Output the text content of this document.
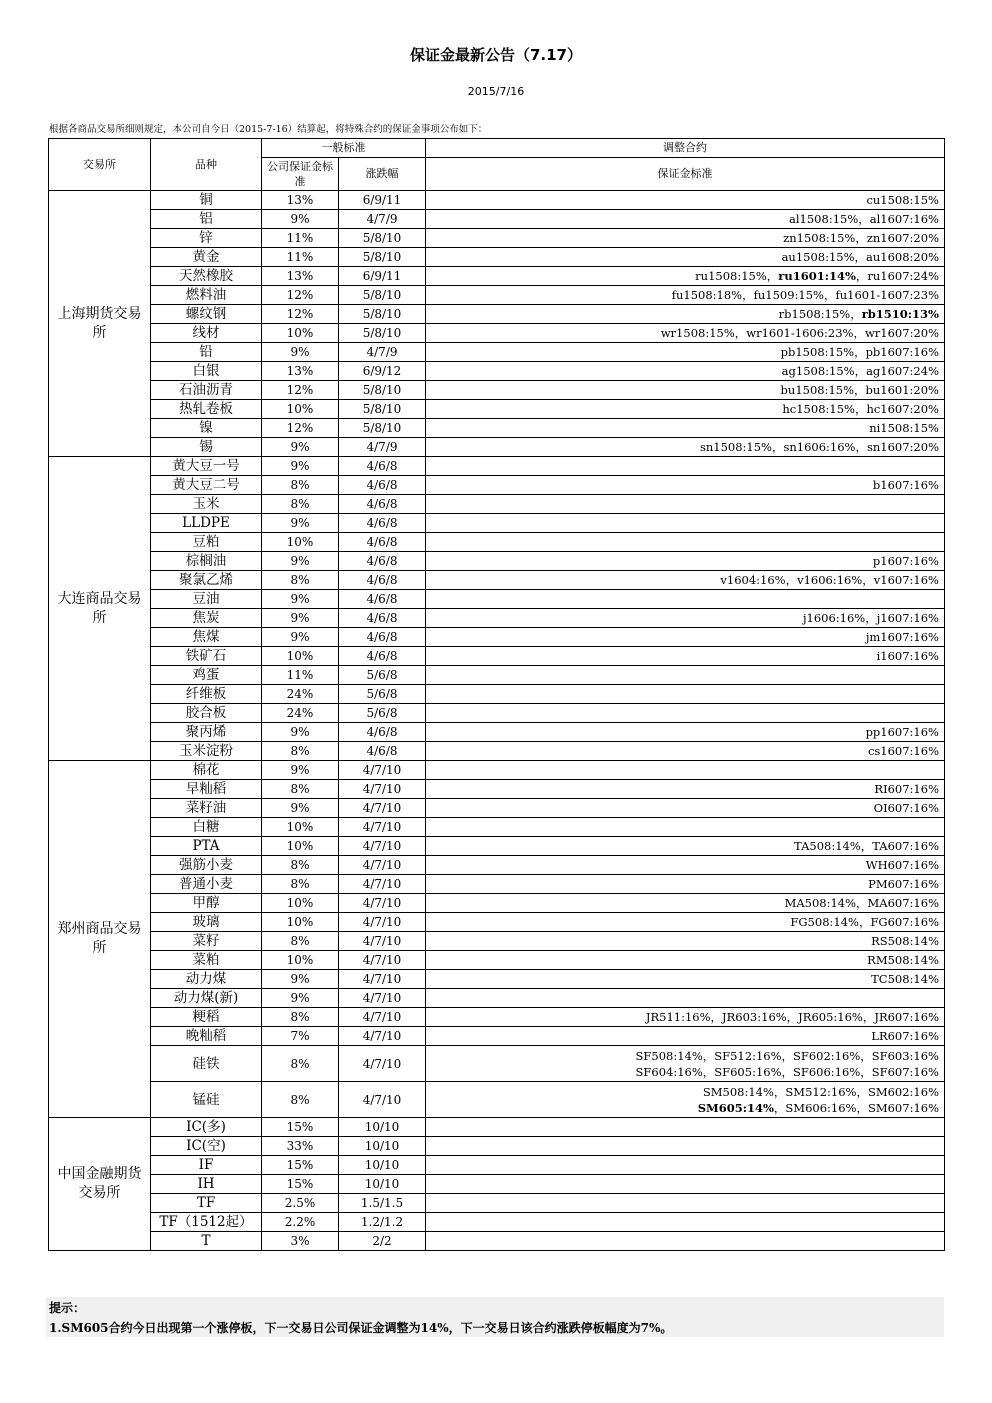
保证金最新公告（7.17）
2015/7/16
根据各商品交易所细则规定，本公司自今日（2015-7-16）结算起，将特殊合约的保证金事项公布如下：
交易所	品种	一般标准		调整合约
		公司保证金标准	涨跌幅	保证金标准
上海期货交易所	铜	13%	6/9/11	cu1508:15%

	铝	9%	4/7/9	al1508:15%，al1607:16%

	锌	11%	5/8/10	zn1508:15%，zn1607:20%

	黄金	11%	5/8/10	au1508:15%，au1608:20%

	天然橡胶	13%	6/9/11	ru1508:15%，ru1601:14%，ru1607:24%

	燃料油	12%	5/8/10	fu1508:18%，fu1509:15%，fu1601-1607:23%

	螺纹钢	12%	5/8/10	rb1508:15%，rb1510:13%

	线材	10%	5/8/10	wr1508:15%，wr1601-1606:23%，wr1607:20%

	铅	9%	4/7/9	pb1508:15%，pb1607:16%

	白银	13%	6/9/12	ag1508:15%，ag1607:24%

	石油沥青	12%	5/8/10	bu1508:15%，bu1601:20%

	热轧卷板	10%	5/8/10	hc1508:15%，hc1607:20%

	镍	12%	5/8/10	ni1508:15%

	锡	9%	4/7/9	sn1508:15%，sn1606:16%，sn1607:20%

大连商品交易所	黄大豆一号	9%	4/6/8	
	黄大豆二号	8%	4/6/8	b1607:16%

	玉米	8%	4/6/8	
	LLDPE	9%	4/6/8	
	豆粕	10%	4/6/8	
	棕榈油	9%	4/6/8	p1607:16%

	聚氯乙烯	8%	4/6/8	v1604:16%，v1606:16%，v1607:16%

	豆油	9%	4/6/8	
	焦炭	9%	4/6/8	j1606:16%，j1607:16%

	焦煤	9%	4/6/8	jm1607:16%

	铁矿石	10%	4/6/8	i1607:16%

	鸡蛋	11%	5/6/8	
	纤维板	24%	5/6/8	
	胶合板	24%	5/6/8	
	聚丙烯	9%	4/6/8	pp1607:16%

	玉米淀粉	8%	4/6/8	cs1607:16%

郑州商品交易所	棉花	9%	4/7/10	
	早籼稻	8%	4/7/10	RI607:16%

	菜籽油	9%	4/7/10	OI607:16%

	白糖	10%	4/7/10	
	PTA	10%	4/7/10	TA508:14%，TA607:16%

	强筋小麦	8%	4/7/10	WH607:16%

	普通小麦	8%	4/7/10	PM607:16%

	甲醇	10%	4/7/10	MA508:14%，MA607:16%

	玻璃	10%	4/7/10	FG508:14%，FG607:16%

	菜籽	8%	4/7/10	RS508:14%

	菜粕	10%	4/7/10	RM508:14%

	动力煤	9%	4/7/10	TC508:14%

	动力煤(新)	9%	4/7/10	
	粳稻	8%	4/7/10	JR511:16%，JR603:16%，JR605:16%，JR607:16%

	晚籼稻	7%	4/7/10	LR607:16%

	硅铁	8%	4/7/10	SF508:14%，SF512:16%，SF602:16%，SF603:16%
SF604:16%，SF605:16%，SF606:16%，SF607:16%

	锰硅	8%	4/7/10	SM508:14%，SM512:16%，SM602:16%
SM605:14%，SM606:16%，SM607:16%

中国金融期货交易所	IC(多)	15%	10/10	
	IC(空)	33%	10/10	
	IF	15%	10/10	
	IH	15%	10/10	
	TF	2.5%	1.5/1.5	
	TF（1512起）	2.2%	1.2/1.2	
	T	3%	2/2	
提示：
1.SM605合约今日出现第一个涨停板，下一交易日公司保证金调整为14%，下一交易日该合约涨跌停板幅度为7%。
